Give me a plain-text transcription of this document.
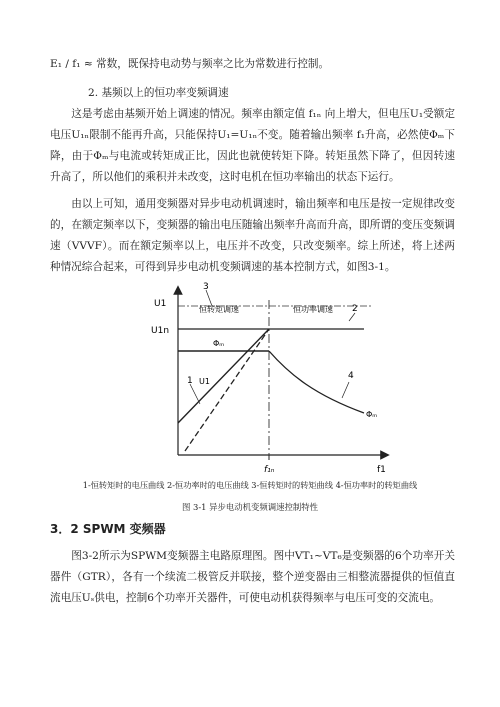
E₁ / f₁ ≈ 常数，既保持电动势与频率之比为常数进行控制。
2. 基频以上的恒功率变频调速
这是考虑由基频开始上调速的情况。频率由额定值 f₁ₙ 向上增大，但电压U₁受额定电压U₁ₙ限制不能再升高，只能保持U₁=U₁ₙ不变。随着输出频率 f₁升高，必然使Φₘ下降，由于Φₘ与电流或转矩成正比，因此也就使转矩下降。转矩虽然下降了，但因转速升高了，所以他们的乘积并未改变，这时电机在恒功率输出的状态下运行。
由以上可知，通用变频器对异步电动机调速时，输出频率和电压是按一定规律改变的，在额定频率以下，变频器的输出电压随输出频率升高而升高，即所谓的变压变频调速（VVVF）。而在额定频率以上，电压并不改变，只改变频率。综上所述，将上述两种情况综合起来，可得到异步电动机变频调速的基本控制方式，如图3-1。
U1
U1n
f1
f₁ₙ
恒转矩调速	恒功率调速
Φₘ
U1
Φₘ
1
2
3
4
1-恒转矩时的电压曲线 2-恒功率时的电压曲线 3-恒转矩时的转矩曲线 4-恒功率时的转矩曲线
图 3-1 异步电动机变频调速控制特性
3．2 SPWM 变频器
图3-2所示为SPWM变频器主电路原理图。图中VT₁~VT₆是变频器的6个功率开关器件（GTR），各有一个续流二极管反并联接，整个逆变器由三相整流器提供的恒值直流电压Uₛ供电，控制6个功率开关器件，可使电动机获得频率与电压可变的交流电。
